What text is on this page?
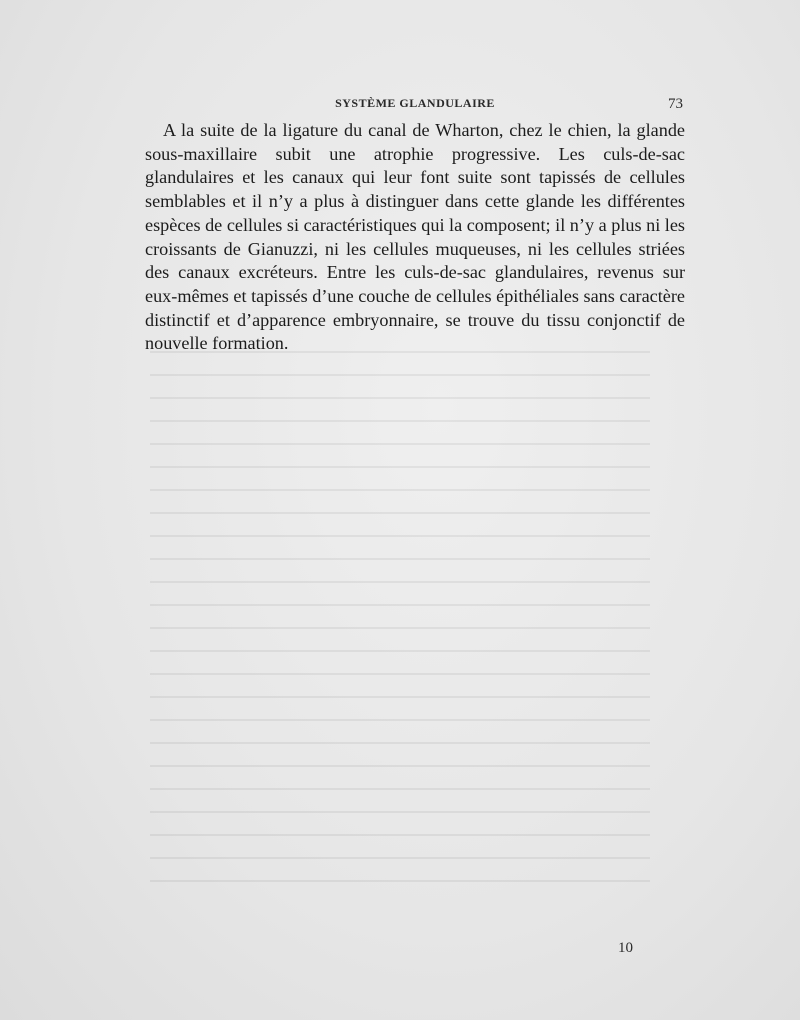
SYSTÈME GLANDULAIRE	73

A la suite de la ligature du canal de Wharton, chez le chien, la glande sous-maxillaire subit une atrophie progressive. Les culs-de-sac glandulaires et les canaux qui leur font suite sont tapissés de cellules semblables et il n’y a plus à distinguer dans cette glande les différentes espèces de cellules si caractéristiques qui la composent; il n’y a plus ni les croissants de Gianuzzi, ni les cellules muqueuses, ni les cellules striées des canaux excréteurs. Entre les culs-de-sac glandulaires, revenus sur eux-mêmes et tapissés d’une couche de cellules épithéliales sans caractère distinctif et d’apparence embryonnaire, se trouve du tissu conjonctif de nouvelle formation.

10
